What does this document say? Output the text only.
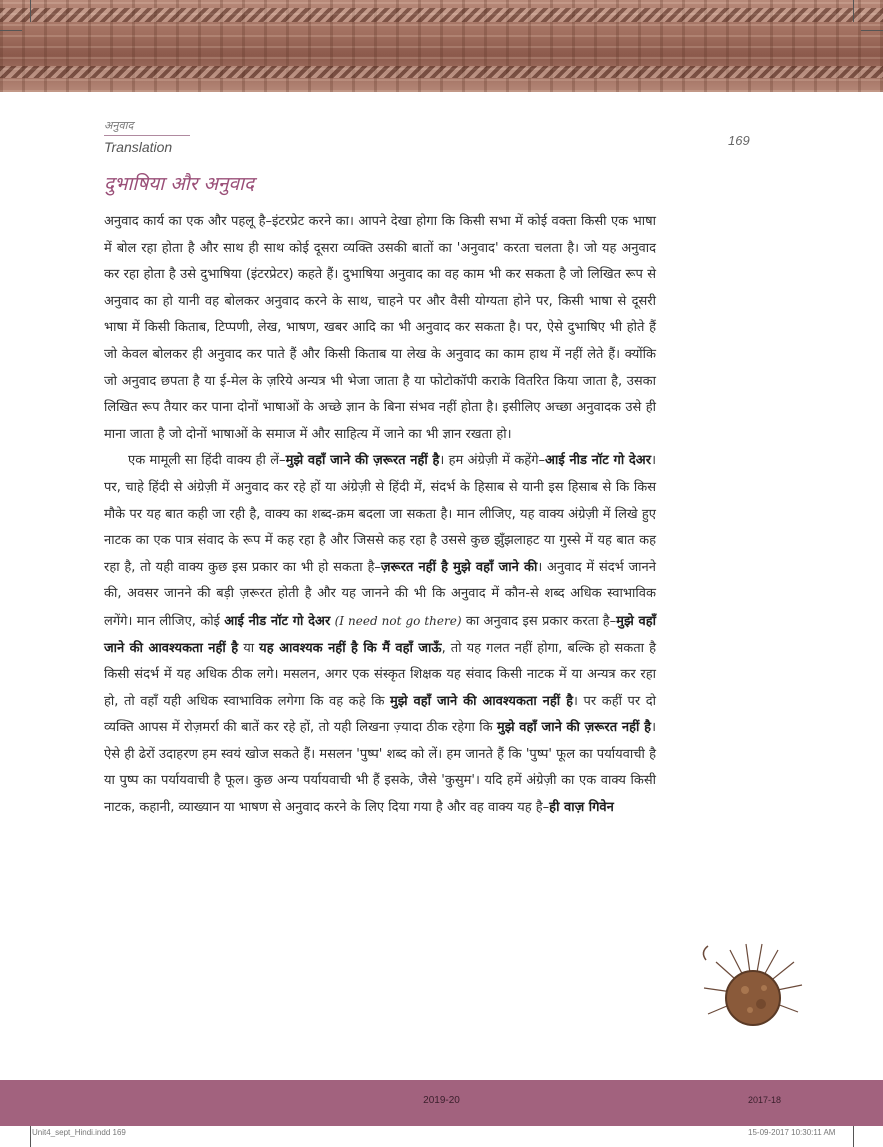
अनुवाद
Translation	169
दुभाषिया और अनुवाद

अनुवाद कार्य का एक और पहलू है–इंटरप्रेट करने का। आपने देखा होगा कि किसी सभा में कोई वक्ता किसी एक भाषा में बोल रहा होता है और साथ ही साथ कोई दूसरा व्यक्ति उसकी बातों का 'अनुवाद' करता चलता है। जो यह अनुवाद कर रहा होता है उसे दुभाषिया (इंटरप्रेटर) कहते हैं। दुभाषिया अनुवाद का वह काम भी कर सकता है जो लिखित रूप से अनुवाद का हो यानी वह बोलकर अनुवाद करने के साथ, चाहने पर और वैसी योग्यता होने पर, किसी भाषा से दूसरी भाषा में किसी किताब, टिप्पणी, लेख, भाषण, खबर आदि का भी अनुवाद कर सकता है। पर, ऐसे दुभाषिए भी होते हैं जो केवल बोलकर ही अनुवाद कर पाते हैं और किसी किताब या लेख के अनुवाद का काम हाथ में नहीं लेते हैं। क्योंकि जो अनुवाद छपता है या ई-मेल के ज़रिये अन्यत्र भी भेजा जाता है या फोटोकॉपी कराके वितरित किया जाता है, उसका लिखित रूप तैयार कर पाना दोनों भाषाओं के अच्छे ज्ञान के बिना संभव नहीं होता है। इसीलिए अच्छा अनुवादक उसे ही माना जाता है जो दोनों भाषाओं के समाज में और साहित्य में जाने का भी ज्ञान रखता हो।

एक मामूली सा हिंदी वाक्य ही लें–मुझे वहाँ जाने की ज़रूरत नहीं है। हम अंग्रेज़ी में कहेंगे–आई नीड नॉट गो देअर। पर, चाहे हिंदी से अंग्रेज़ी में अनुवाद कर रहे हों या अंग्रेज़ी से हिंदी में, संदर्भ के हिसाब से यानी इस हिसाब से कि किस मौके पर यह बात कही जा रही है, वाक्य का शब्द-क्रम बदला जा सकता है। मान लीजिए, यह वाक्य अंग्रेज़ी में लिखे हुए नाटक का एक पात्र संवाद के रूप में कह रहा है और जिससे कह रहा है उससे कुछ झुँझलाहट या गुस्से में यह बात कह रहा है, तो यही वाक्य कुछ इस प्रकार का भी हो सकता है–ज़रूरत नहीं है मुझे वहाँ जाने की। अनुवाद में संदर्भ जानने की, अवसर जानने की बड़ी ज़रूरत होती है और यह जानने की भी कि अनुवाद में कौन-से शब्द अधिक स्वाभाविक लगेंगे। मान लीजिए, कोई आई नीड नॉट गो देअर (I need not go there) का अनुवाद इस प्रकार करता है–मुझे वहाँ जाने की आवश्यकता नहीं है या यह आवश्यक नहीं है कि मैं वहाँ जाऊँ, तो यह गलत नहीं होगा, बल्कि हो सकता है किसी संदर्भ में यह अधिक ठीक लगे। मसलन, अगर एक संस्कृत शिक्षक यह संवाद किसी नाटक में या अन्यत्र कर रहा हो, तो वहाँ यही अधिक स्वाभाविक लगेगा कि वह कहे कि मुझे वहाँ जाने की आवश्यकता नहीं है। पर कहीं पर दो व्यक्ति आपस में रोज़मर्रा की बातें कर रहे हों, तो यही लिखना ज़्यादा ठीक रहेगा कि मुझे वहाँ जाने की ज़रूरत नहीं है। ऐसे ही ढेरों उदाहरण हम स्वयं खोज सकते हैं। मसलन 'पुष्प' शब्द को लें। हम जानते हैं कि 'पुष्प' फूल का पर्यायवाची है या पुष्प का पर्यायवाची है फूल। कुछ अन्य पर्यायवाची भी हैं इसके, जैसे 'कुसुम'। यदि हमें अंग्रेज़ी का एक वाक्य किसी नाटक, कहानी, व्याख्यान या भाषण से अनुवाद करने के लिए दिया गया है और वह वाक्य यह है–ही वाज़ गिवेन

2019-20	2017-18
Unit4_sept_Hindi.indd 169	15-09-2017 10:30:11 AM
